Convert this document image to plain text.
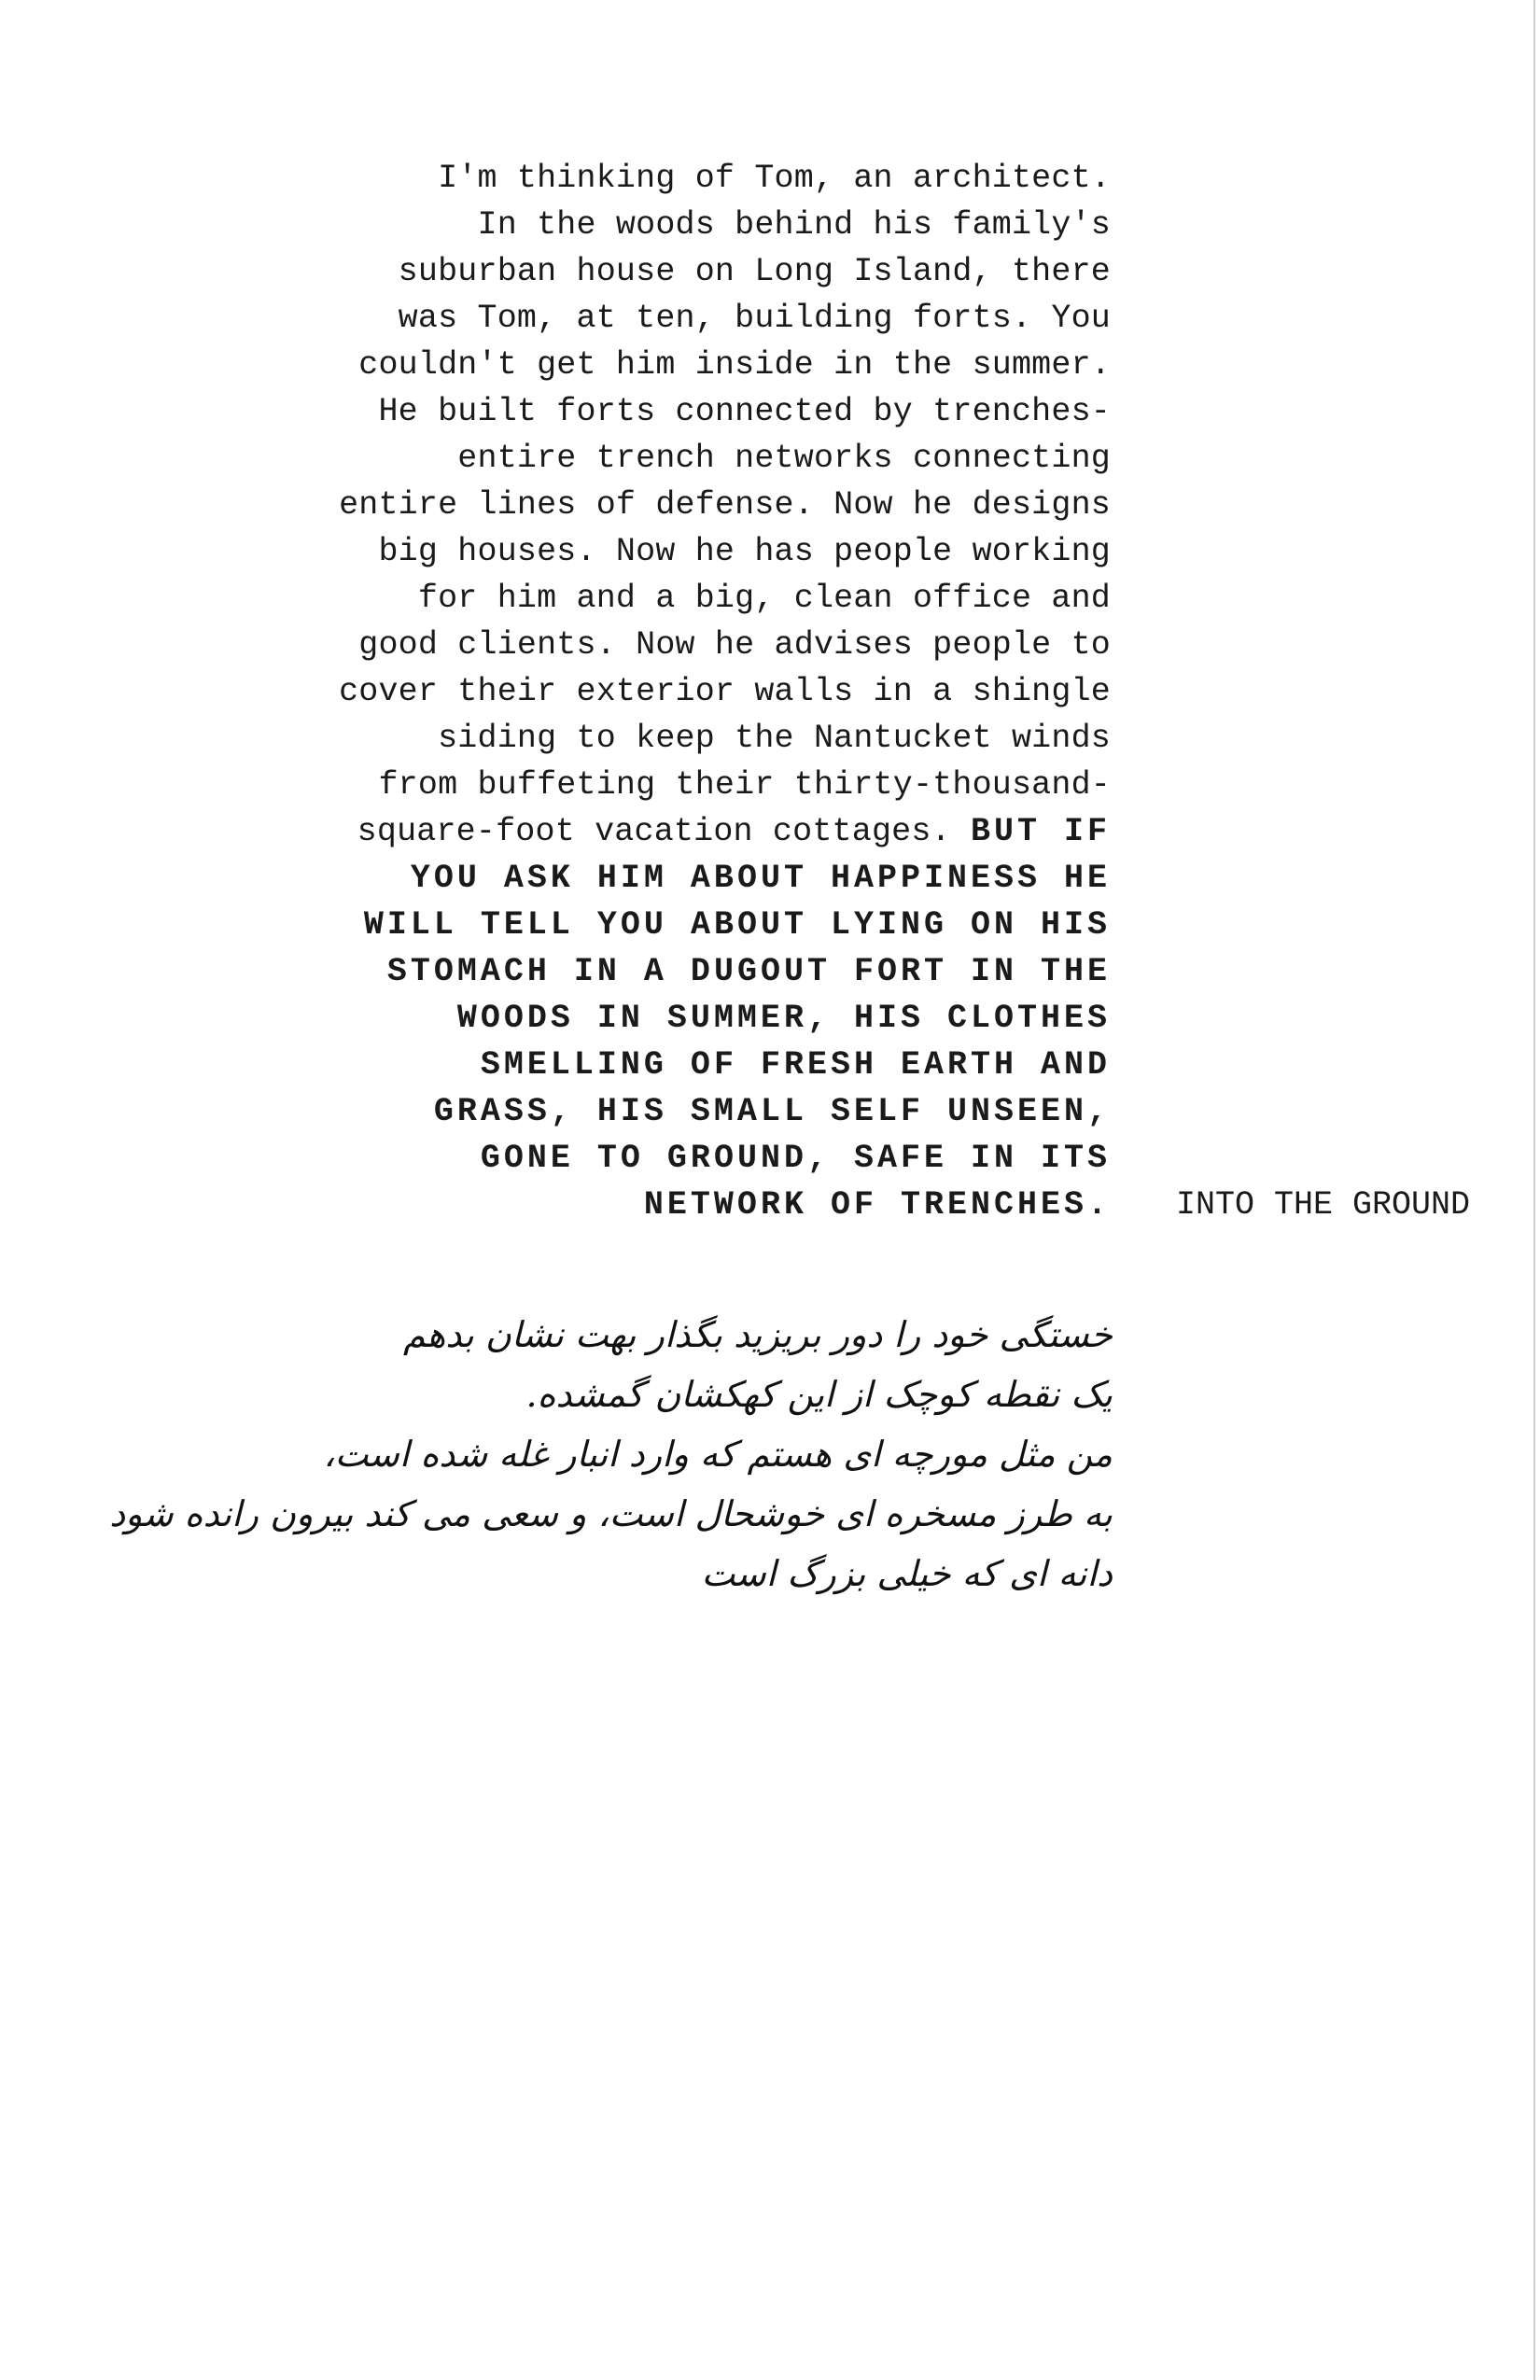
I'm thinking of Tom, an architect.
In the woods behind his family's
suburban house on Long Island, there
was Tom, at ten, building forts. You
couldn't get him inside in the summer.
He built forts connected by trenches-
entire trench networks connecting
entire lines of defense. Now he designs
big houses. Now he has people working
for him and a big, clean office and
good clients. Now he advises people to
cover their exterior walls in a shingle
siding to keep the Nantucket winds
from buffeting their thirty-thousand-
square-foot vacation cottages. BUT IF
YOU ASK HIM ABOUT HAPPINESS HE
WILL TELL YOU ABOUT LYING ON HIS
STOMACH IN A DUGOUT FORT IN THE
WOODS IN SUMMER, HIS CLOTHES
SMELLING OF FRESH EARTH AND
GRASS, HIS SMALL SELF UNSEEN,
GONE TO GROUND, SAFE IN ITS
NETWORK OF TRENCHES. INTO THE GROUND
خستگی خود را دور بریزید بگذار بهت نشان بدهم
یک نقطه کوچک از این کهکشان گمشده.
من مثل مورچه ای هستم که وارد انبار غله شده است،
به طرز مسخره ای خوشحال است، و سعی می کند بیرون رانده شود
دانه ای که خیلی بزرگ است
